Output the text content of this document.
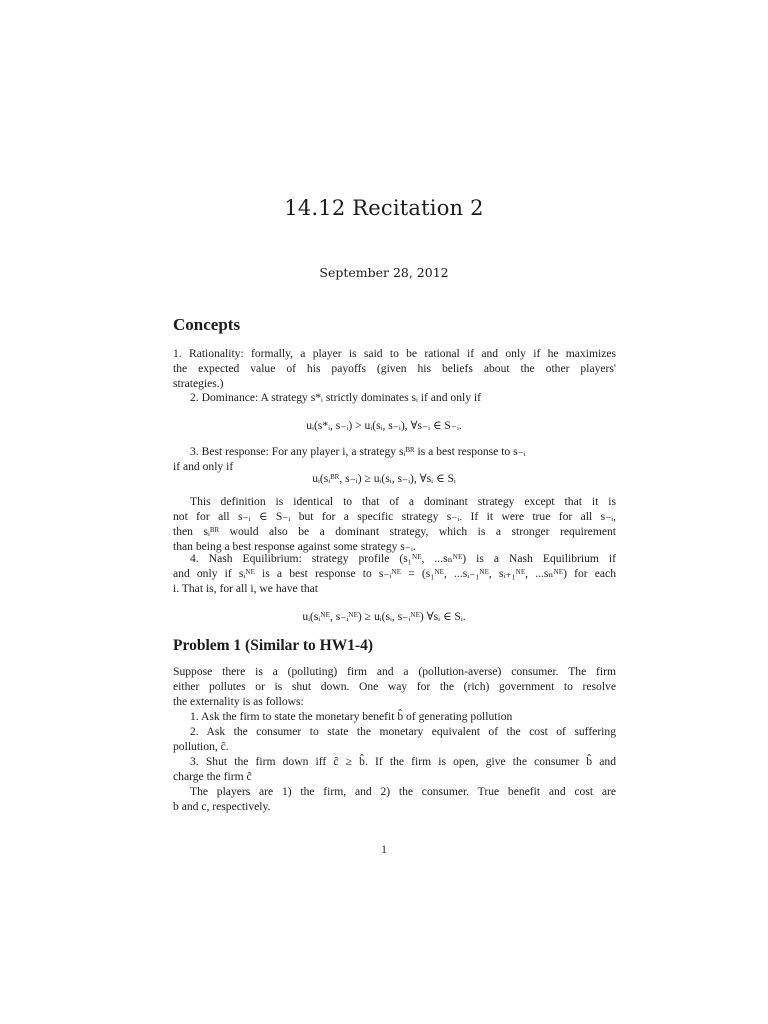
14.12 Recitation 2
September 28, 2012
Concepts
1. Rationality: formally, a player is said to be rational if and only if he maximizes
the expected value of his payoffs (given his beliefs about the other players'
strategies.)
2. Dominance: A strategy s*ᵢ strictly dominates sᵢ if and only if
uᵢ(s*ᵢ, s₋ᵢ) > uᵢ(sᵢ, s₋ᵢ), ∀s₋ᵢ ∈ S₋ᵢ.
3. Best response: For any player i, a strategy sᵢᴮᴿ is a best response to s₋ᵢ
if and only if
uᵢ(sᵢᴮᴿ, s₋ᵢ) ≥ uᵢ(sᵢ, s₋ᵢ), ∀sᵢ ∈ Sᵢ
This definition is identical to that of a dominant strategy except that it is
not for all s₋ᵢ ∈ S₋ᵢ but for a specific strategy s₋ᵢ. If it were true for all s₋ᵢ,
then sᵢᴮᴿ would also be a dominant strategy, which is a stronger requirement
than being a best response against some strategy s₋ᵢ.
4. Nash Equilibrium: strategy profile (s₁ᴺᴱ, ...sₙᴺᴱ) is a Nash Equilibrium if
and only if sᵢᴺᴱ is a best response to s₋ᵢᴺᴱ = (s₁ᴺᴱ, ...sᵢ₋₁ᴺᴱ, sᵢ₊₁ᴺᴱ, ...sₙᴺᴱ) for each
i. That is, for all i, we have that
uᵢ(sᵢᴺᴱ, s₋ᵢᴺᴱ) ≥ uᵢ(sᵢ, s₋ᵢᴺᴱ) ∀sᵢ ∈ Sᵢ.
Problem 1 (Similar to HW1-4)
Suppose there is a (polluting) firm and a (pollution-averse) consumer. The firm
either pollutes or is shut down. One way for the (rich) government to resolve
the externality is as follows:
1. Ask the firm to state the monetary benefit b̂ of generating pollution
2. Ask the consumer to state the monetary equivalent of the cost of suffering
pollution, ĉ.
3. Shut the firm down iff ĉ ≥ b̂. If the firm is open, give the consumer b̂ and
charge the firm ĉ
The players are 1) the firm, and 2) the consumer. True benefit and cost are
b and c, respectively.
1
